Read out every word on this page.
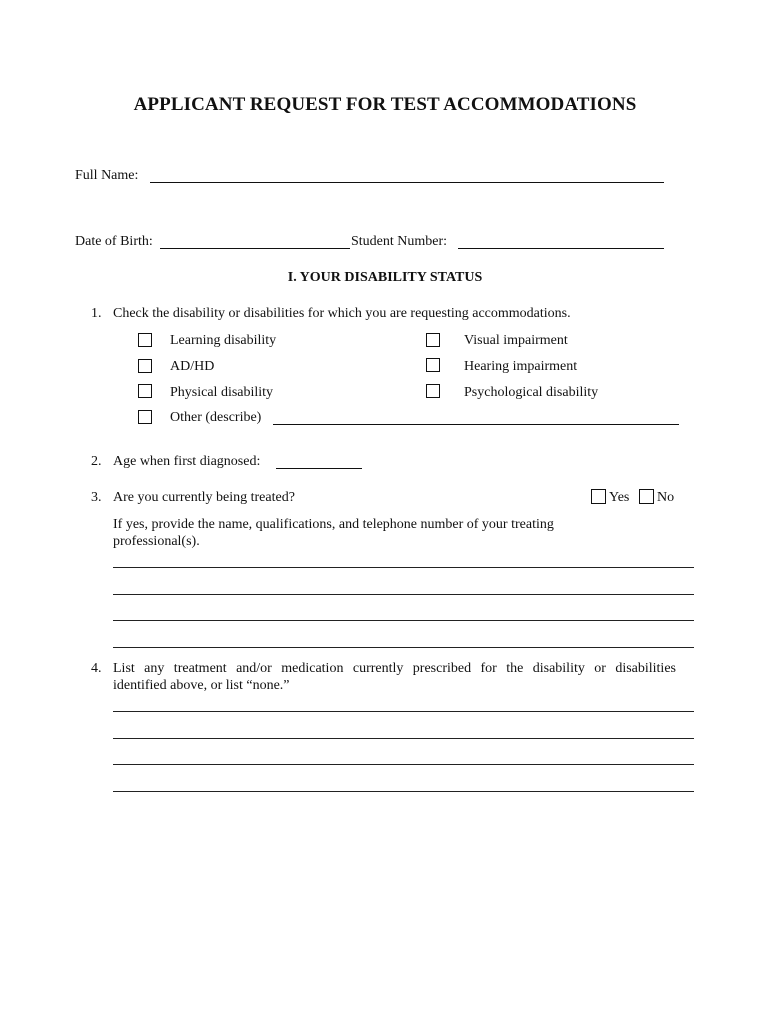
APPLICANT REQUEST FOR TEST ACCOMMODATIONS
Full Name:
Date of Birth:	Student Number:
I. YOUR DISABILITY STATUS
1. Check the disability or disabilities for which you are requesting accommodations.
Learning disability
AD/HD
Physical disability
Visual impairment
Hearing impairment
Psychological disability
Other (describe)
2. Age when first diagnosed:
3. Are you currently being treated?	Yes No
If yes, provide the name, qualifications, and telephone number of your treating
professional(s).
4. List any treatment and/or medication currently prescribed for the disability or disabilities
identified above, or list “none.”
